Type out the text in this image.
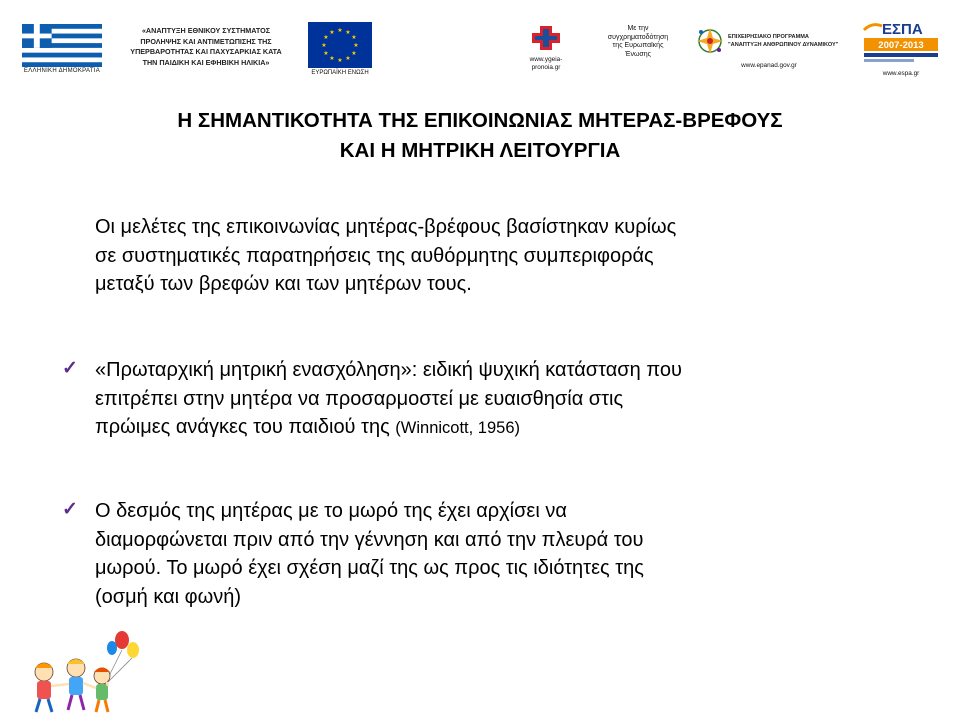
ΕΛΛΗΝΙΚΗ ΔΗΜΟΚΡΑΤΙΑ
«ΑΝΑΠΤΥΞΗ ΕΘΝΙΚΟΥ ΣΥΣΤΗΜΑΤΟΣ
ΠΡΟΛΗΨΗΣ ΚΑΙ ΑΝΤΙΜΕΤΩΠΙΣΗΣ ΤΗΣ
ΥΠΕΡΒΑΡΟΤΗΤΑΣ ΚΑΙ ΠΑΧΥΣΑΡΚΙΑΣ ΚΑΤΑ
ΤΗΝ ΠΑΙΔΙΚΗ ΚΑΙ ΕΦΗΒΙΚΗ ΗΛΙΚΙΑ»
★ ★
★
★
★
★
★
★
★
★
★
★
ΕΥΡΩΠΑΪΚΗ ΕΝΩΣΗ
www.ygeia-
pronoia.gr
Με την
συγχρηματοδότηση
της Ευρωπαϊκής
Ένωσης
ΕΠΙΧΕΙΡΗΣΙΑΚΟ ΠΡΟΓΡΑΜΜΑ
"ΑΝΑΠΤΥΞΗ ΑΝΘΡΩΠΙΝΟΥ ΔΥΝΑΜΙΚΟΥ"
www.epanad.gov.gr
ΕΣΠΑ
2007-2013
www.espa.gr
Η ΣΗΜΑΝΤΙΚΟΤΗΤΑ ΤΗΣ ΕΠΙΚΟΙΝΩΝΙΑΣ ΜΗΤΕΡΑΣ-ΒΡΕΦΟΥΣ
ΚΑΙ Η ΜΗΤΡΙΚΗ ΛΕΙΤΟΥΡΓΙΑ
Οι μελέτες της επικοινωνίας μητέρας-βρέφους βασίστηκαν κυρίως
σε συστηματικές παρατηρήσεις της αυθόρμητης συμπεριφοράς
μεταξύ των βρεφών και των μητέρων τους.
✓ «Πρωταρχική μητρική ενασχόληση»: ειδική ψυχική κατάσταση που
επιτρέπει στην μητέρα να προσαρμοστεί με ευαισθησία στις
πρώιμες ανάγκες του παιδιού της (Winnicott, 1956)
✓ Ο δεσμός της μητέρας με το μωρό της έχει αρχίσει να
διαμορφώνεται πριν από την γέννηση και από την πλευρά του
μωρού. Το μωρό έχει σχέση μαζί της ως προς τις ιδιότητες της
(οσμή και φωνή)
